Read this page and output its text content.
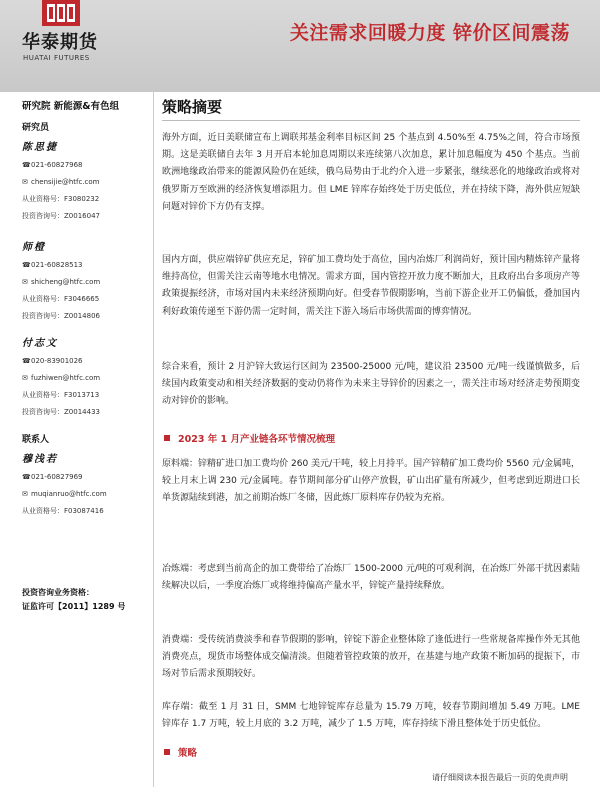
华泰期货
HUATAI FUTURES
关注需求回暖力度 锌价区间震荡
研究院 新能源&有色组
研究员
陈思捷
☎ 021-60827968
✉ chensijie@htfc.com
从业资格号：F3080232
投资咨询号：Z0016047
师橙
☎ 021-60828513
✉ shicheng@htfc.com
从业资格号：F3046665
投资咨询号：Z0014806
付志文
☎ 020-83901026
✉ fuzhiwen@htfc.com
从业资格号：F3013713
投资咨询号：Z0014433
联系人
穆浅若
☎ 021-60827969
✉ muqianruo@htfc.com
从业资格号：F03087416
投资咨询业务资格：
证监许可【2011】1289 号
策略摘要
海外方面，近日美联储宣布上调联邦基金利率目标区间 25 个基点到 4.50%至 4.75%之间，符合市场预期。这是美联储自去年 3 月开启本轮加息周期以来连续第八次加息，累计加息幅度为 450 个基点。当前欧洲地缘政治带来的能源风险仍在延续，俄乌局势由于北约介入进一步紧张，继续恶化的地缘政治或将对俄罗斯万至欧洲的经济恢复增添阻力。但 LME 锌库存始终处于历史低位，并在持续下降，海外供应短缺问题对锌价下方仍有支撑。
国内方面，供应端锌矿供应充足，锌矿加工费均处于高位，国内冶炼厂利润尚好，预计国内精炼锌产量将维持高位，但需关注云南等地水电情况。需求方面，国内管控开放力度不断加大，且政府出台多项房产等政策提振经济，市场对国内未来经济预期向好。但受春节假期影响，当前下游企业开工仍偏低，叠加国内利好政策传递至下游仍需一定时间，需关注下游入场后市场供需面的博弈情况。
综合来看，预计 2 月沪锌大致运行区间为 23500-25000 元/吨，建议沿 23500 元/吨一线谨慎做多，后续国内政策变动和相关经济数据的变动仍将作为未来主导锌价的因素之一，需关注市场对经济走势预期变动对锌价的影响。
2023 年 1 月产业链各环节情况梳理
原料端：锌精矿进口加工费均价 260 美元/干吨，较上月持平。国产锌精矿加工费均价 5560 元/金属吨，较上月末上调 230 元/金属吨。春节期间部分矿山停产放假，矿山出矿量有所减少，但考虑到近期进口长单货源陆续到港，加之前期冶炼厂冬储，因此炼厂原料库存仍较为充裕。
冶炼端：考虑到当前高企的加工费带给了冶炼厂 1500-2000 元/吨的可观利润，在冶炼厂外部干扰因素陆续解决以后，一季度冶炼厂或将维持偏高产量水平，锌锭产量持续释放。
消费端：受传统消费淡季和春节假期的影响，锌锭下游企业整体除了逢低进行一些常规备库操作外无其他消费亮点，现货市场整体成交偏清淡。但随着管控政策的放开，在基建与地产政策不断加码的提振下，市场对节后需求预期较好。
库存端：截至 1 月 31 日，SMM 七地锌锭库存总量为 15.79 万吨，较春节期间增加 5.49 万吨。LME 锌库存 1.7 万吨，较上月底的 3.2 万吨，减少了 1.5 万吨，库存持续下滑且整体处于历史低位。
策略
请仔细阅读本报告最后一页的免责声明
